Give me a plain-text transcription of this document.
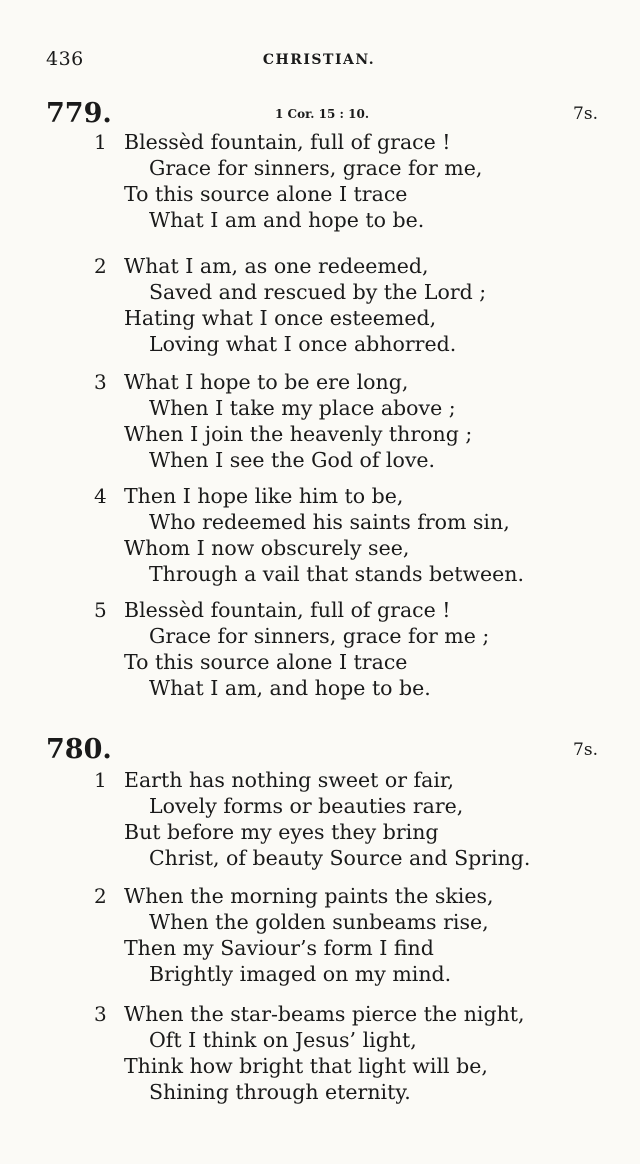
436	CHRISTIAN.
779.	1 Cor. 15 : 10.	7s.
1 Blessèd fountain, full of grace !
Grace for sinners, grace for me,
To this source alone I trace
What I am and hope to be.
2 What I am, as one redeemed,
Saved and rescued by the Lord ;
Hating what I once esteemed,
Loving what I once abhorred.
3 What I hope to be ere long,
When I take my place above ;
When I join the heavenly throng ;
When I see the God of love.
4 Then I hope like him to be,
Who redeemed his saints from sin,
Whom I now obscurely see,
Through a vail that stands between.
5 Blessèd fountain, full of grace !
Grace for sinners, grace for me ;
To this source alone I trace
What I am, and hope to be.
780.	7s.
1 Earth has nothing sweet or fair,
Lovely forms or beauties rare,
But before my eyes they bring
Christ, of beauty Source and Spring.
2 When the morning paints the skies,
When the golden sunbeams rise,
Then my Saviour’s form I find
Brightly imaged on my mind.
3 When the star-beams pierce the night,
Oft I think on Jesus’ light,
Think how bright that light will be,
Shining through eternity.
